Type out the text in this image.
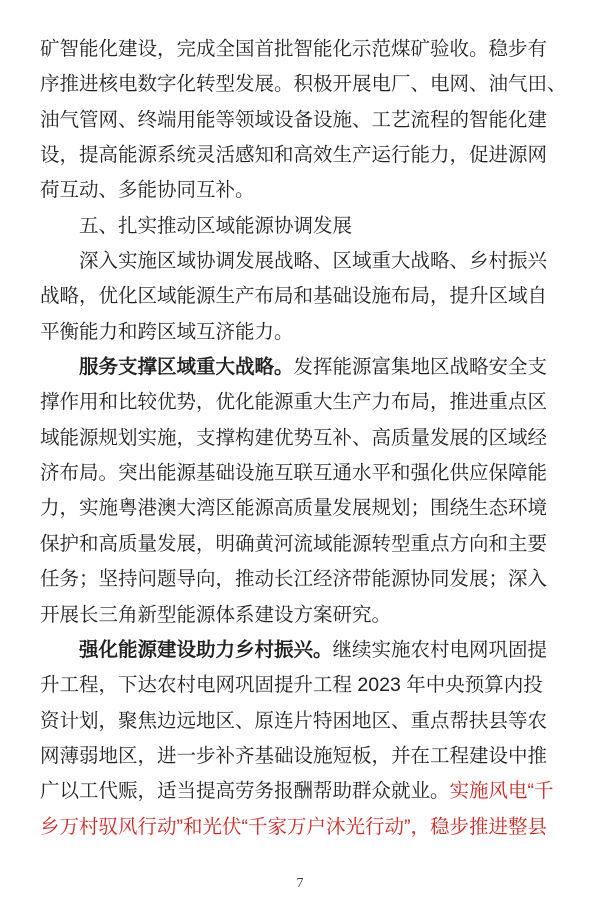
矿智能化建设，完成全国首批智能化示范煤矿验收。稳步有
序推进核电数字化转型发展。积极开展电厂、电网、油气田、
油气管网、终端用能等领域设备设施、工艺流程的智能化建
设，提高能源系统灵活感知和高效生产运行能力，促进源网
荷互动、多能协同互补。
五、扎实推动区域能源协调发展
深入实施区域协调发展战略、区域重大战略、乡村振兴
战略，优化区域能源生产布局和基础设施布局，提升区域自
平衡能力和跨区域互济能力。
服务支撑区域重大战略。发挥能源富集地区战略安全支
撑作用和比较优势，优化能源重大生产力布局，推进重点区
域能源规划实施，支撑构建优势互补、高质量发展的区域经
济布局。突出能源基础设施互联互通水平和强化供应保障能
力，实施粤港澳大湾区能源高质量发展规划；围绕生态环境
保护和高质量发展，明确黄河流域能源转型重点方向和主要
任务；坚持问题导向，推动长江经济带能源协同发展；深入
开展长三角新型能源体系建设方案研究。
强化能源建设助力乡村振兴。继续实施农村电网巩固提
升工程，下达农村电网巩固提升工程 2023 年中央预算内投
资计划，聚焦边远地区、原连片特困地区、重点帮扶县等农
网薄弱地区，进一步补齐基础设施短板，并在工程建设中推
广以工代赈，适当提高劳务报酬帮助群众就业。实施风电“千
乡万村驭风行动”和光伏“千家万户沐光行动”，稳步推进整县
7
